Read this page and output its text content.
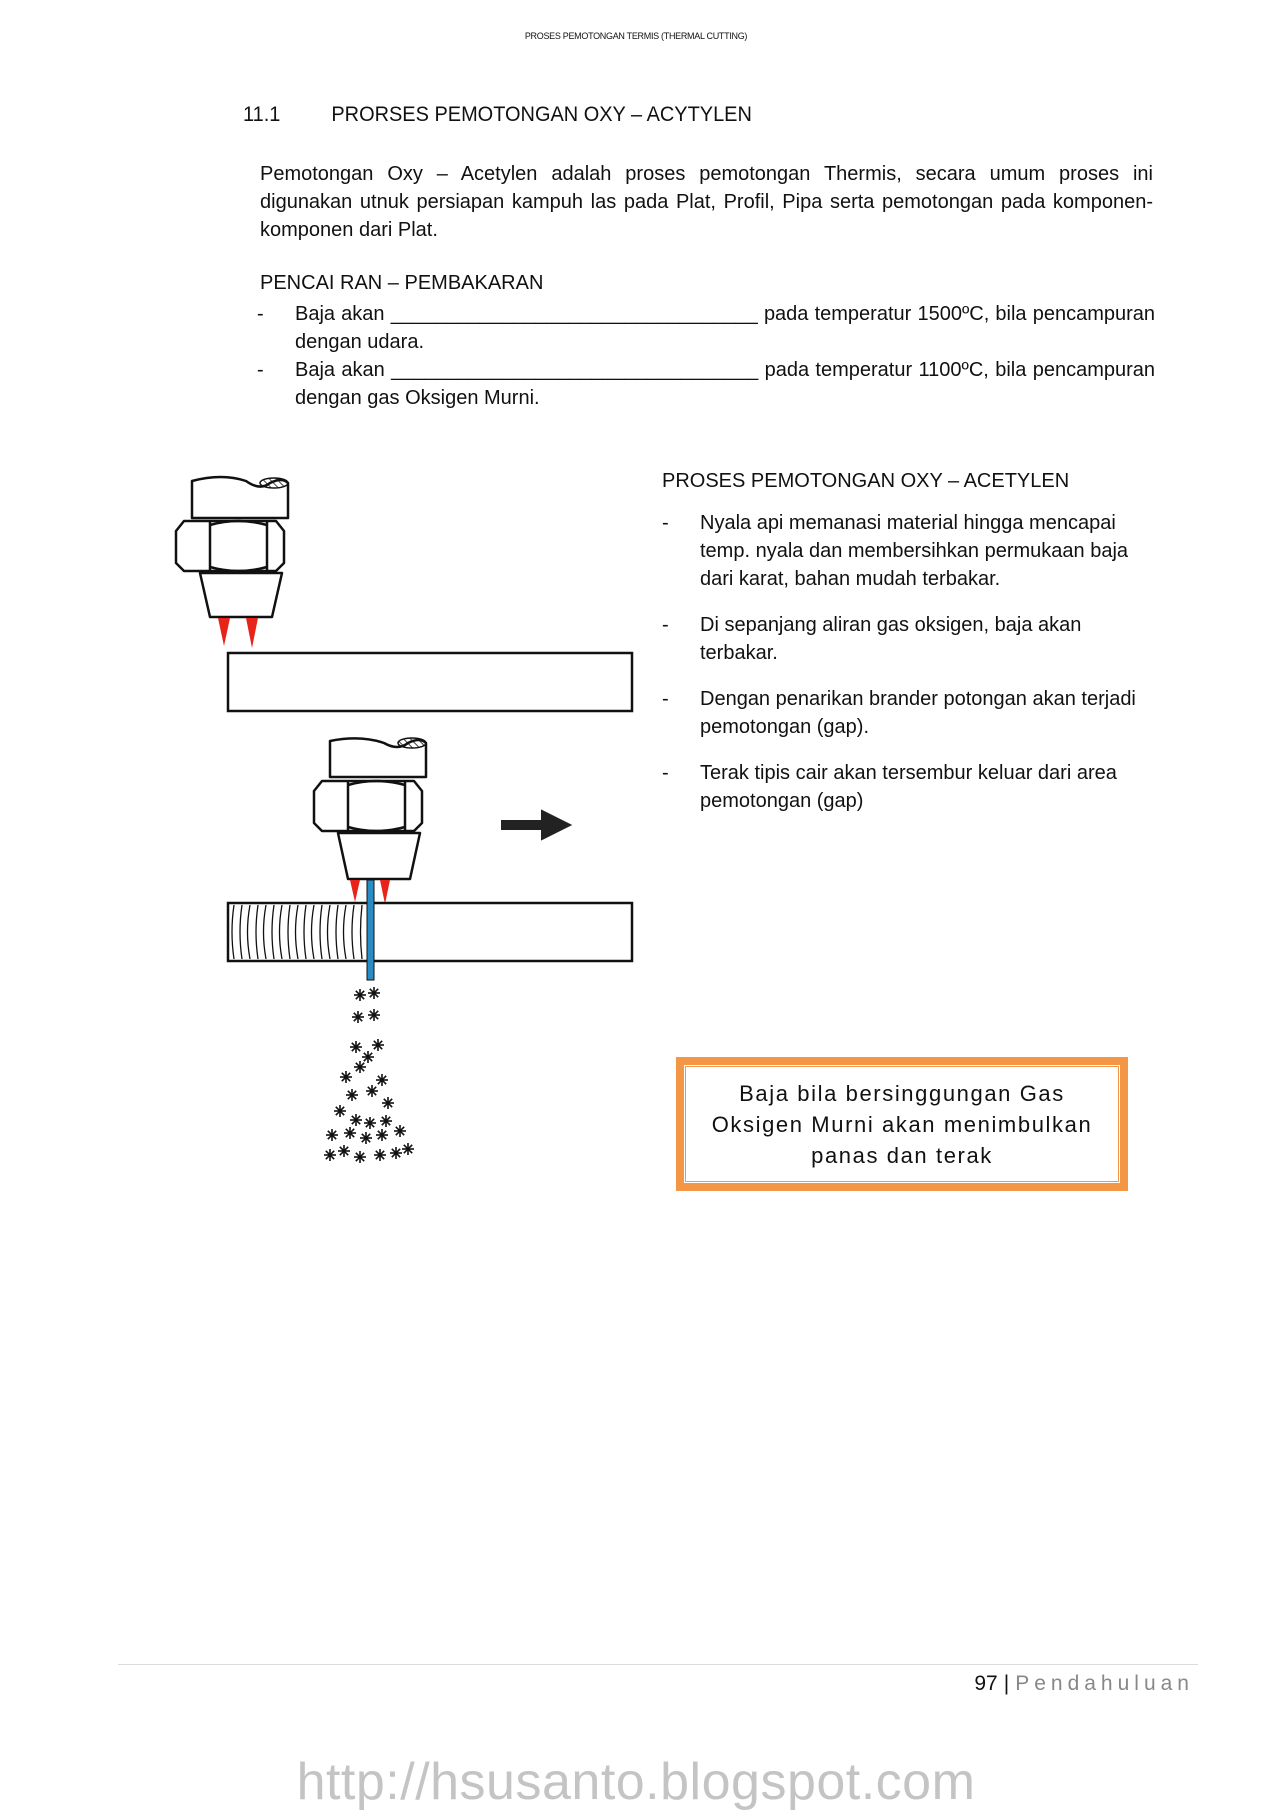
PROSES PEMOTONGAN TERMIS (THERMAL CUTTING)
11.1 PRORSES PEMOTONGAN OXY – ACYTYLEN

Pemotongan Oxy – Acetylen adalah proses pemotongan Thermis, secara umum proses ini digunakan utnuk persiapan kampuh las pada Plat, Profil, Pipa serta pemotongan pada komponen-komponen dari Plat.

PENCAI RAN – PEMBAKARAN
- Baja akan _________________________________ pada temperatur 1500ºC, bila pencampuran dengan udara.
- Baja akan _________________________________ pada temperatur 1100ºC, bila pencampuran dengan gas Oksigen Murni.
PROSES PEMOTONGAN OXY – ACETYLEN
- Nyala api memanasi material hingga mencapai temp. nyala dan membersihkan permukaan baja dari karat, bahan mudah terbakar.
- Di sepanjang aliran gas oksigen, baja akan terbakar.
- Dengan penarikan brander potongan akan terjadi pemotongan (gap).
- Terak tipis cair akan tersembur keluar dari area pemotongan (gap)
Baja bila bersinggungan Gas Oksigen Murni akan menimbulkan panas dan terak
97 | Pendahuluan
http://hsusanto.blogspot.com
